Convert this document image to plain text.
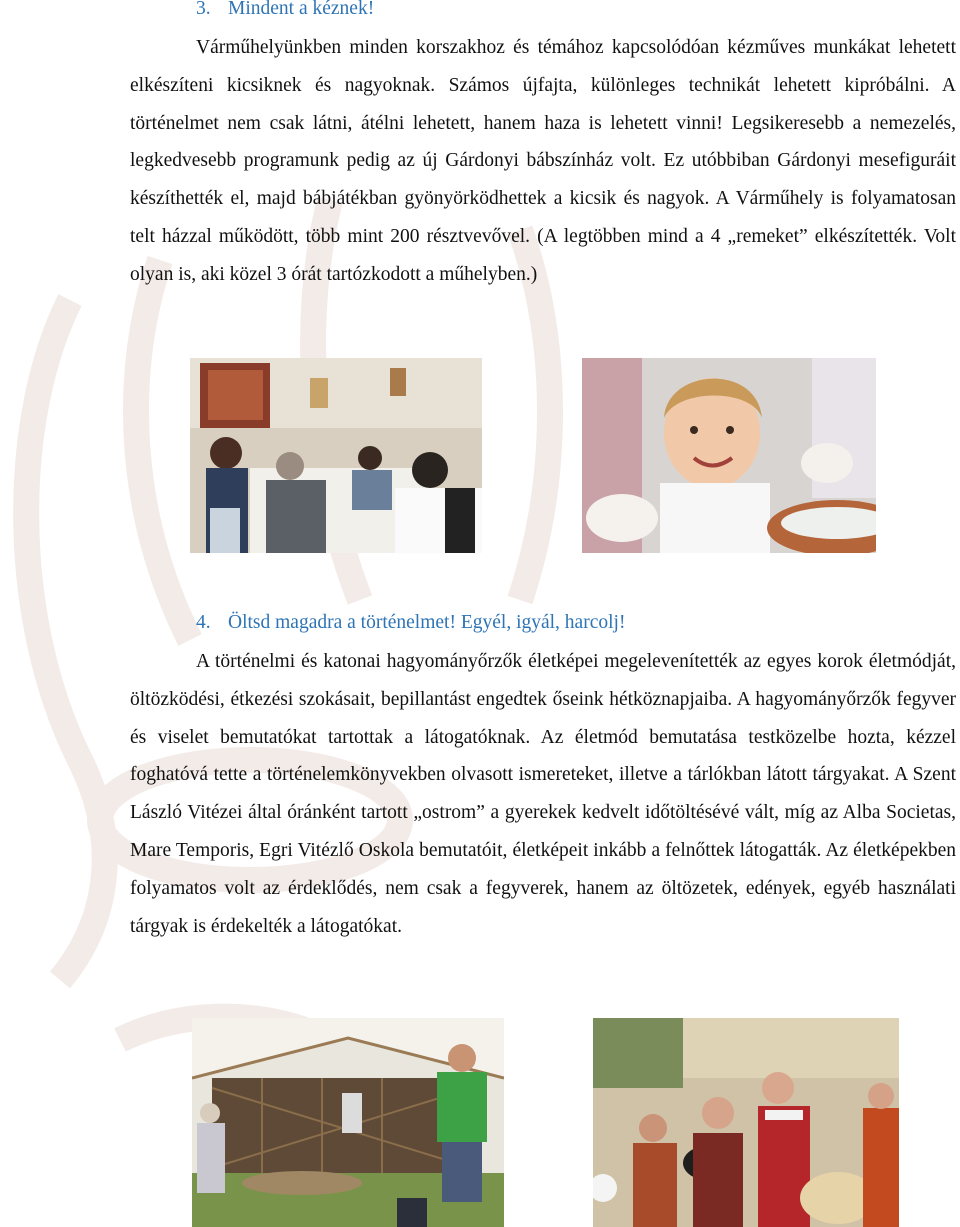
3. Mindent a kéznek!

Várműhelyünkben minden korszakhoz és témához kapcsolódóan kézműves munkákat lehetett elkészíteni kicsiknek és nagyoknak. Számos újfajta, különleges technikát lehetett kipróbálni. A történelmet nem csak látni, átélni lehetett, hanem haza is lehetett vinni! Legsikeresebb a nemezelés, legkedvesebb programunk pedig az új Gárdonyi bábszínház volt. Ez utóbbiban Gárdonyi mesefiguráit készíthették el, majd bábjátékban gyönyörködhettek a kicsik és nagyok. A Várműhely is folyamatosan telt házzal működött, több mint 200 résztvevővel. (A legtöbben mind a 4 „remeket” elkészítették. Volt olyan is, aki közel 3 órát tartózkodott a műhelyben.)

4. Öltsd magadra a történelmet! Egyél, igyál, harcolj!

A történelmi és katonai hagyományőrzők életképei megelevenítették az egyes korok életmódját, öltözködési, étkezési szokásait, bepillantást engedtek őseink hétköznapjaiba. A hagyományőrzők fegyver és viselet bemutatókat tartottak a látogatóknak. Az életmód bemutatása testközelbe hozta, kézzel foghatóvá tette a történelemkönyvekben olvasott ismereteket, illetve a tárlókban látott tárgyakat. A Szent László Vitézei által óránként tartott „ostrom” a gyerekek kedvelt időtöltésévé vált, míg az Alba Societas, Mare Temporis, Egri Vitézlő Oskola bemutatóit, életképeit inkább a felnőttek látogatták. Az életképekben folyamatos volt az érdeklődés, nem csak a fegyverek, hanem az öltözetek, edények, egyéb használati tárgyak is érdekelték a látogatókat.
